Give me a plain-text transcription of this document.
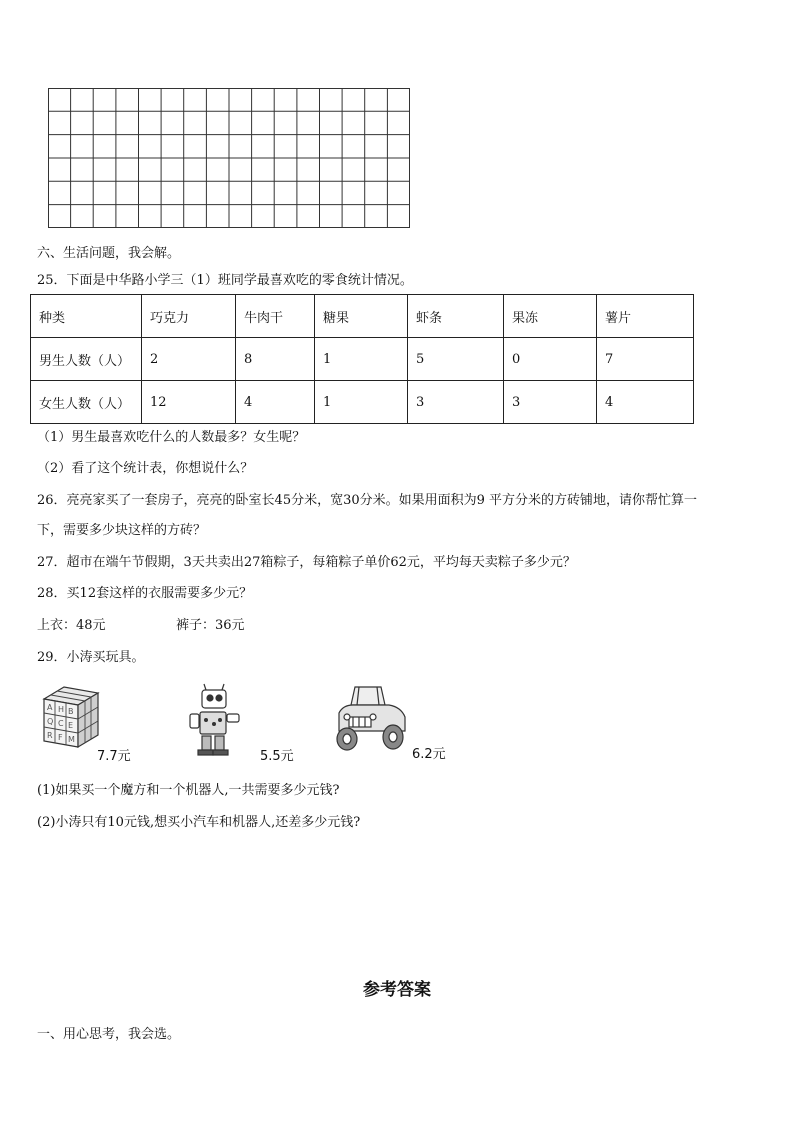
六、生活问题，我会解。
25．下面是中华路小学三（1）班同学最喜欢吃的零食统计情况。
种类	巧克力	牛肉干	糖果	虾条	果冻	薯片
男生人数（人）	2	8	1	5	0	7
女生人数（人）	12	4	1	3	3	4
（1）男生最喜欢吃什么的人数最多？女生呢？
（2）看了这个统计表，你想说什么？
26．亮亮家买了一套房子，亮亮的卧室长45分米，宽30分米。如果用面积为9 平方分米的方砖铺地，请你帮忙算一
下，需要多少块这样的方砖？
27．超市在端午节假期，3天共卖出27箱粽子，每箱粽子单价62元，平均每天卖粽子多少元？
28．买12套这样的衣服需要多少元？
上衣：48元	裤子：36元
29．小涛买玩具。
A H B
Q C E
R F M
7.7元	5.5元	6.2元
(1)如果买一个魔方和一个机器人,一共需要多少元钱?
(2)小涛只有10元钱,想买小汽车和机器人,还差多少元钱?
参考答案
一、用心思考，我会选。
